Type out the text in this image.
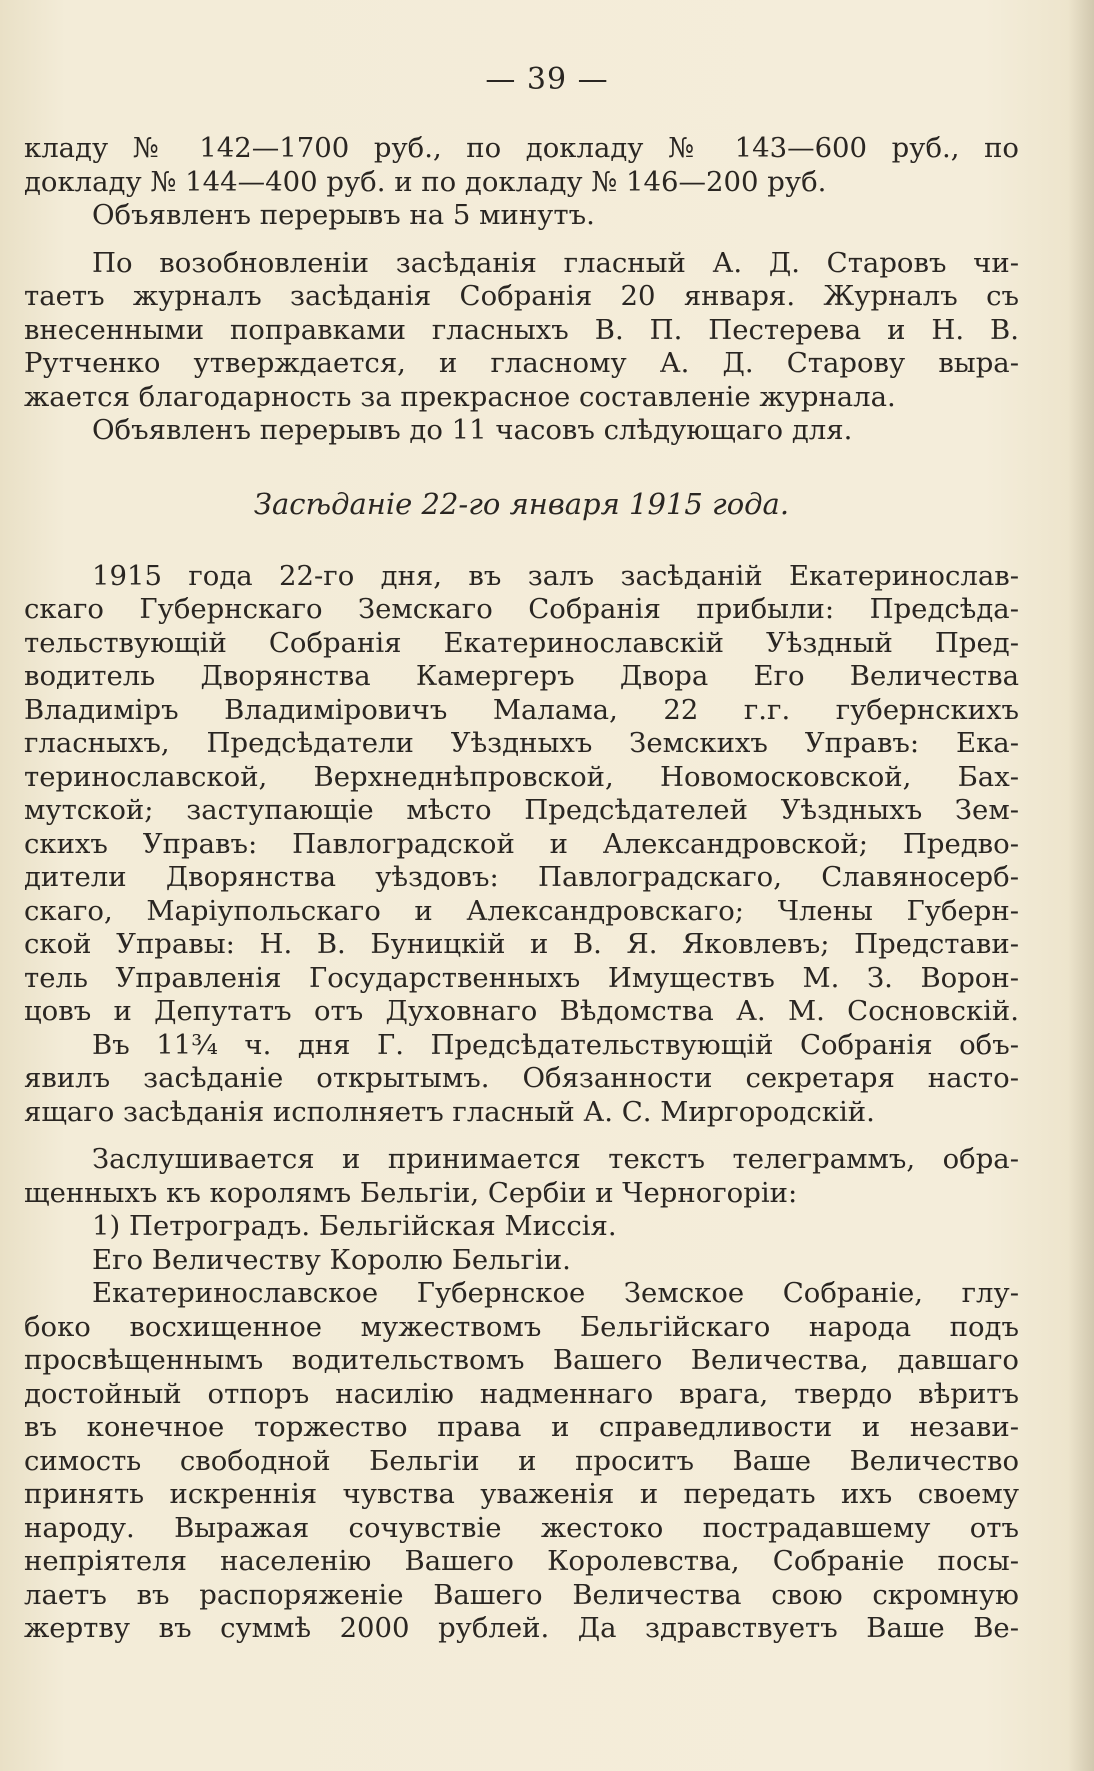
— 39 —
кладу № 142—1700 руб., по докладу № 143—600 руб., по
докладу № 144—400 руб. и по докладу № 146—200 руб.
Объявленъ перерывъ на 5 минутъ.
По возобновленіи засѣданія гласный А. Д. Старовъ чи-
таетъ журналъ засѣданія Собранія 20 января. Журналъ съ
внесенными поправками гласныхъ В. П. Пестерева и Н. В.
Рутченко утверждается, и гласному А. Д. Старову выра-
жается благодарность за прекрасное составленіе журнала.
Объявленъ перерывъ до 11 часовъ слѣдующаго для.
Засѣданіе 22-го января 1915 года.
1915 года 22-го дня, въ залъ засѣданій Екатеринослав-
скаго Губернскаго Земскаго Собранія прибыли: Предсѣда-
тельствующій Собранія Екатеринославскій Уѣздный Пред-
водитель Дворянства Камергеръ Двора Его Величества
Владиміръ Владиміровичъ Малама, 22 г.г. губернскихъ
гласныхъ, Предсѣдатели Уѣздныхъ Земскихъ Управъ: Ека-
теринославской, Верхнеднѣпровской, Новомосковской, Бах-
мутской; заступающіе мѣсто Предсѣдателей Уѣздныхъ Зем-
скихъ Управъ: Павлоградской и Александровской; Предво-
дители Дворянства уѣздовъ: Павлоградскаго, Славяносерб-
скаго, Маріупольскаго и Александровскаго; Члены Губерн-
ской Управы: Н. В. Буницкій и В. Я. Яковлевъ; Представи-
тель Управленія Государственныхъ Имуществъ М. З. Ворон-
цовъ и Депутатъ отъ Духовнаго Вѣдомства А. М. Сосновскій.
Въ 11¾ ч. дня Г. Предсѣдательствующій Собранія объ-
явилъ засѣданіе открытымъ. Обязанности секретаря насто-
ящаго засѣданія исполняетъ гласный А. С. Миргородскій.
Заслушивается и принимается текстъ телеграммъ, обра-
щенныхъ къ королямъ Бельгіи, Сербіи и Черногоріи:
1) Петроградъ. Бельгійская Миссія.
Его Величеству Королю Бельгіи.
Екатеринославское Губернское Земское Собраніе, глу-
боко восхищенное мужествомъ Бельгійскаго народа подъ
просвѣщеннымъ водительствомъ Вашего Величества, давшаго
достойный отпоръ насилію надменнаго врага, твердо вѣритъ
въ конечное торжество права и справедливости и незави-
симость свободной Бельгіи и проситъ Ваше Величество
принять искреннія чувства уваженія и передать ихъ своему
народу. Выражая сочувствіе жестоко пострадавшему отъ
непріятеля населенію Вашего Королевства, Собраніе посы-
лаетъ въ распоряженіе Вашего Величества свою скромную
жертву въ суммѣ 2000 рублей. Да здравствуетъ Ваше Ве-
